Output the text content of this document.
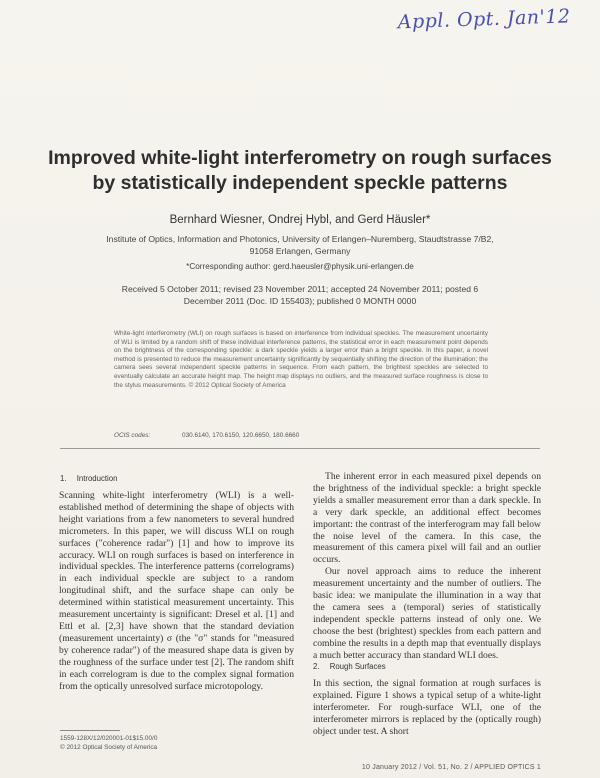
Appl. Opt. Jan'12
Improved white-light interferometry on rough surfaces by statistically independent speckle patterns
Bernhard Wiesner, Ondrej Hybl, and Gerd Häusler*
Institute of Optics, Information and Photonics, University of Erlangen–Nuremberg, Staudtstrasse 7/B2, 91058 Erlangen, Germany
*Corresponding author: gerd.haeusler@physik.uni-erlangen.de
Received 5 October 2011; revised 23 November 2011; accepted 24 November 2011; posted 6 December 2011 (Doc. ID 155403); published 0 MONTH 0000
White-light interferometry (WLI) on rough surfaces is based on interference from individual speckles. The measurement uncertainty of WLI is limited by a random shift of these individual interference patterns, the statistical error in each measurement point depends on the brightness of the corresponding speckle: a dark speckle yields a larger error than a bright speckle. In this paper, a novel method is presented to reduce the measurement uncertainty significantly by sequentially shifting the direction of the illumination; the camera sees several independent speckle patterns in sequence. From each pattern, the brightest speckles are selected to eventually calculate an accurate height map. The height map displays no outliers, and the measured surface roughness is close to the stylus measurements. © 2012 Optical Society of America
OCIS codes:	030.6140, 170.6150, 120.6650, 180.6660
1. Introduction

Scanning white-light interferometry (WLI) is a well-established method of determining the shape of objects with height variations from a few nanometers to several hundred micrometers. In this paper, we will discuss WLI on rough surfaces ("coherence radar") [1] and how to improve its accuracy. WLI on rough surfaces is based on interference in individual speckles. The interference patterns (correlograms) in each individual speckle are subject to a random longitudinal shift, and the surface shape can only be determined within statistical measurement uncertainty. This measurement uncertainty is significant: Dresel et al. [1] and Ettl et al. [2,3] have shown that the standard deviation (measurement uncertainty) σ (the "σ" stands for "measured by coherence radar") of the measured shape data is given by the roughness of the surface under test [2]. The random shift in each correlogram is due to the complex signal formation from the optically unresolved surface microtopology.

The inherent error in each measured pixel depends on the brightness of the individual speckle: a bright speckle yields a smaller measurement error than a dark speckle. In a very dark speckle, an additional effect becomes important: the contrast of the interferogram may fall below the noise level of the camera. In this case, the measurement of this camera pixel will fail and an outlier occurs.

Our novel approach aims to reduce the inherent measurement uncertainty and the number of outliers. The basic idea: we manipulate the illumination in a way that the camera sees a (temporal) series of statistically independent speckle patterns instead of only one. We choose the best (brightest) speckles from each pattern and combine the results in a depth map that eventually displays a much better accuracy than standard WLI does.

2. Rough Surfaces

In this section, the signal formation at rough surfaces is explained. Figure 1 shows a typical setup of a white-light interferometer. For rough-surface WLI, one of the interferometer mirrors is replaced by the (optically rough) object under test. A short

1559-128X/12/020001-01$15.00/0
© 2012 Optical Society of America
10 January 2012 / Vol. 51, No. 2 / APPLIED OPTICS 1
